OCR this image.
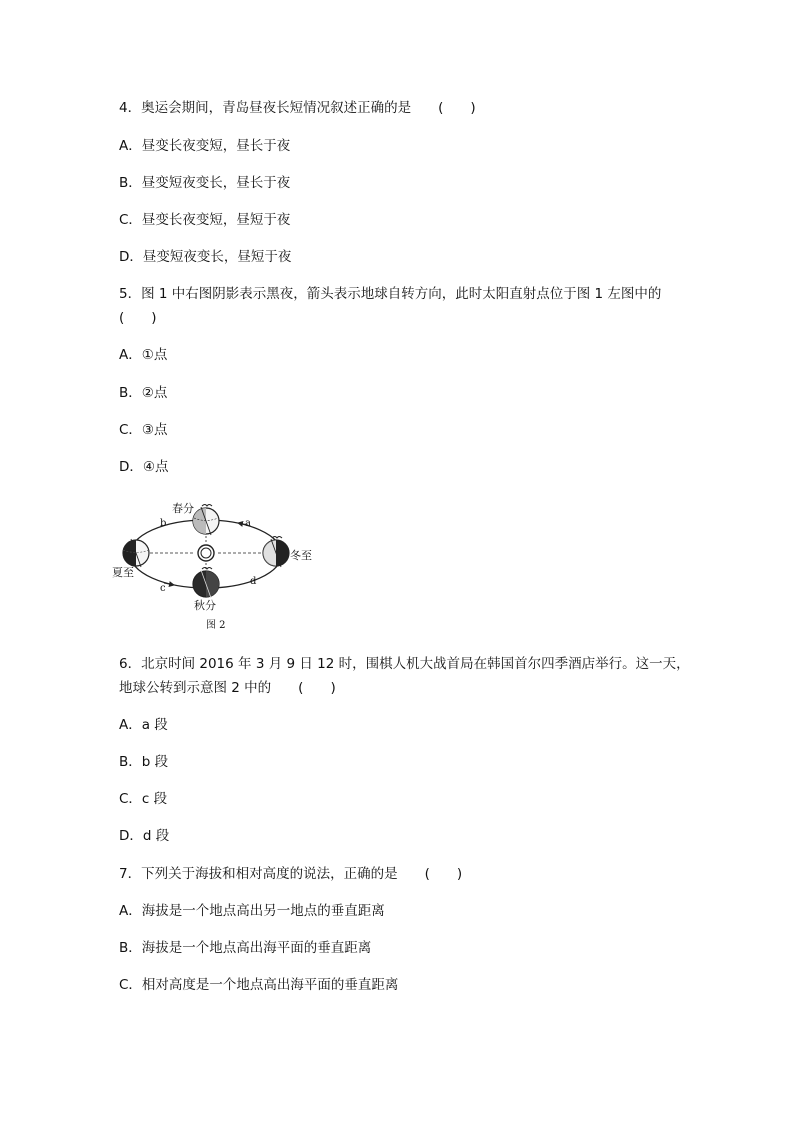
4．奥运会期间，青岛昼夜长短情况叙述正确的是　　(　　)
A．昼变长夜变短，昼长于夜
B．昼变短夜变长，昼长于夜
C．昼变长夜变短，昼短于夜
D．昼变短夜变长，昼短于夜
5．图 1 中右图阴影表示黑夜，箭头表示地球自转方向，此时太阳直射点位于图 1 左图中的
(　　)
A．①点
B．②点
C．③点
D．④点
春分
夏至
秋分
冬至
a
b
c
d
图 2
6．北京时间 2016 年 3 月 9 日 12 时，围棋人机大战首局在韩国首尔四季酒店举行。这一天，
地球公转到示意图 2 中的　　(　　)
A．a 段
B．b 段
C．c 段
D．d 段
7．下列关于海拔和相对高度的说法，正确的是　　(　　)
A．海拔是一个地点高出另一地点的垂直距离
B．海拔是一个地点高出海平面的垂直距离
C．相对高度是一个地点高出海平面的垂直距离
